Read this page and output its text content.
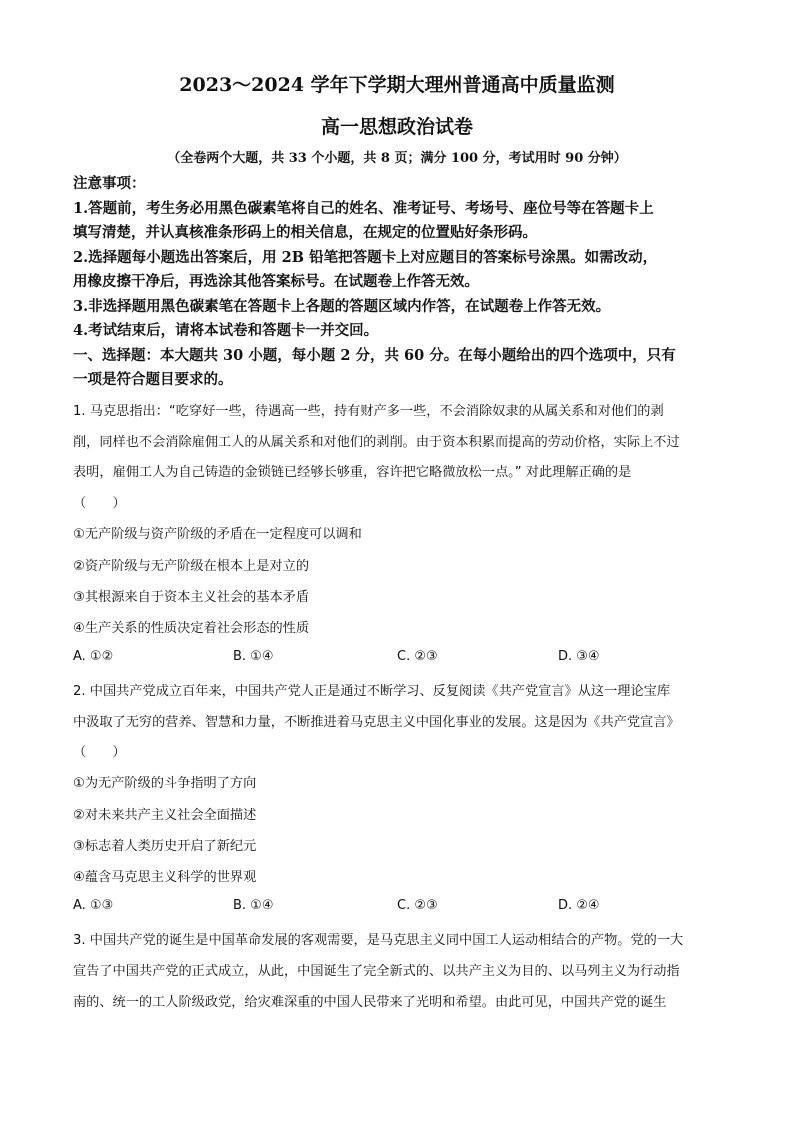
2023～2024 学年下学期大理州普通高中质量监测
高一思想政治试卷
（全卷两个大题，共 33 个小题，共 8 页；满分 100 分，考试用时 90 分钟）
注意事项：
1.答题前，考生务必用黑色碳素笔将自己的姓名、准考证号、考场号、座位号等在答题卡上
填写清楚，并认真核准条形码上的相关信息，在规定的位置贴好条形码。
2.选择题每小题选出答案后，用 2B 铅笔把答题卡上对应题目的答案标号涂黑。如需改动，
用橡皮擦干净后，再选涂其他答案标号。在试题卷上作答无效。
3.非选择题用黑色碳素笔在答题卡上各题的答题区域内作答，在试题卷上作答无效。
4.考试结束后，请将本试卷和答题卡一并交回。
一、选择题：本大题共 30 小题，每小题 2 分，共 60 分。在每小题给出的四个选项中，只有
一项是符合题目要求的。
1. 马克思指出：“吃穿好一些，待遇高一些，持有财产多一些，不会消除奴隶的从属关系和对他们的剥
削，同样也不会消除雇佣工人的从属关系和对他们的剥削。由于资本积累而提高的劳动价格，实际上不过
表明，雇佣工人为自己铸造的金锁链已经够长够重，容许把它略微放松一点。” 对此理解正确的是
（　　）
①无产阶级与资产阶级的矛盾在一定程度可以调和
②资产阶级与无产阶级在根本上是对立的
③其根源来自于资本主义社会的基本矛盾
④生产关系的性质决定着社会形态的性质
A. ①②	B. ①④	C. ②③	D. ③④
2. 中国共产党成立百年来，中国共产党人正是通过不断学习、反复阅读《共产党宣言》从这一理论宝库
中汲取了无穷的营养、智慧和力量，不断推进着马克思主义中国化事业的发展。这是因为《共产党宣言》
（　　）
①为无产阶级的斗争指明了方向
②对未来共产主义社会全面描述
③标志着人类历史开启了新纪元
④蕴含马克思主义科学的世界观
A. ①③	B. ①④	C. ②③	D. ②④
3. 中国共产党的诞生是中国革命发展的客观需要，是马克思主义同中国工人运动相结合的产物。党的一大
宣告了中国共产党的正式成立，从此，中国诞生了完全新式的、以共产主义为目的、以马列主义为行动指
南的、统一的工人阶级政党，给灾难深重的中国人民带来了光明和希望。由此可见，中国共产党的诞生
